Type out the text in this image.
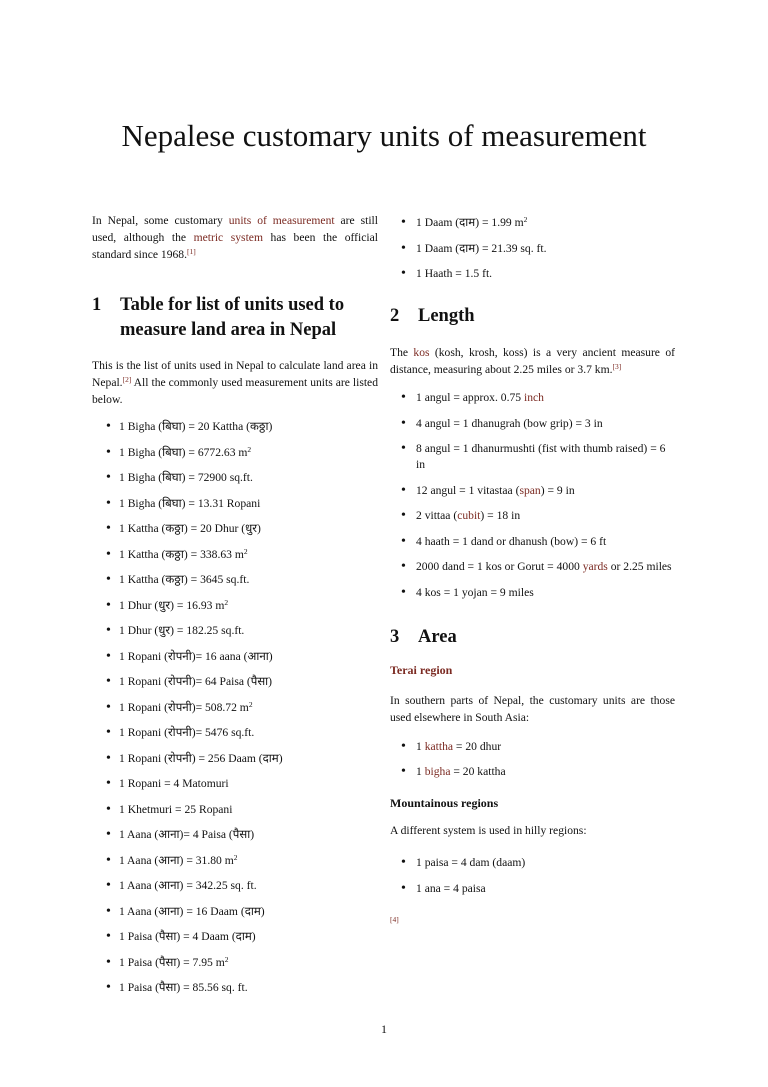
Nepalese customary units of measurement

In Nepal, some customary units of measurement are still used, although the metric system has been the official standard since 1968.[1]

1	Table for list of units used to measure land area in Nepal

This is the list of units used in Nepal to calculate land area in Nepal.[2] All the commonly used measurement units are listed below.

• 1 Bigha (बिघा) = 20 Kattha (कठ्ठा)
• 1 Bigha (बिघा) = 6772.63 $m^2$
• 1 Bigha (बिघा) = 72900 sq.ft.
• 1 Bigha (बिघा) = 13.31 Ropani
• 1 Kattha (कठ्ठा) = 20 Dhur (धुर)
• 1 Kattha (कठ्ठा) = 338.63 $m^2$
• 1 Kattha (कठ्ठा) = 3645 sq.ft.
• 1 Dhur (धुर) = 16.93 $m^2$
• 1 Dhur (धुर) = 182.25 sq.ft.
• 1 Ropani (रोपनी)= 16 aana (आना)
• 1 Ropani (रोपनी)= 64 Paisa (पैसा)
• 1 Ropani (रोपनी)= 508.72 $m^2$
• 1 Ropani (रोपनी)= 5476 sq.ft.
• 1 Ropani (रोपनी) = 256 Daam (दाम)
• 1 Ropani = 4 Matomuri
• 1 Khetmuri = 25 Ropani
• 1 Aana (आना)= 4 Paisa (पैसा)
• 1 Aana (आना) = 31.80 $m^2$
• 1 Aana (आना) = 342.25 sq. ft.
• 1 Aana (आना) = 16 Daam (दाम)
• 1 Paisa (पैसा) = 4 Daam (दाम)
• 1 Paisa (पैसा) = 7.95 $m^2$
• 1 Paisa (पैसा) = 85.56 sq. ft.
• 1 Daam (दाम) = 1.99 $m^2$
• 1 Daam (दाम) = 21.39 sq. ft.
• 1 Haath = 1.5 ft.
2	Length

The kos (kosh, krosh, koss) is a very ancient measure of distance, measuring about 2.25 miles or 3.7 km.[3]

• 1 angul = approx. 0.75 inch
• 4 angul = 1 dhanugrah (bow grip) = 3 in
• 8 angul = 1 dhanurmushti (fist with thumb raised) = 6 in
• 12 angul = 1 vitastaa (span) = 9 in
• 2 vittaa (cubit) = 18 in
• 4 haath = 1 dand or dhanush (bow) = 6 ft
• 2000 dand = 1 kos or Gorut = 4000 yards or 2.25 miles
• 4 kos = 1 yojan = 9 miles
3	Area
Terai region

In southern parts of Nepal, the customary units are those used elsewhere in South Asia:

• 1 kattha = 20 dhur
• 1 bigha = 20 kattha
Mountainous regions

A different system is used in hilly regions:

• 1 paisa = 4 dam (daam)
• 1 ana = 4 paisa
[4]
1
